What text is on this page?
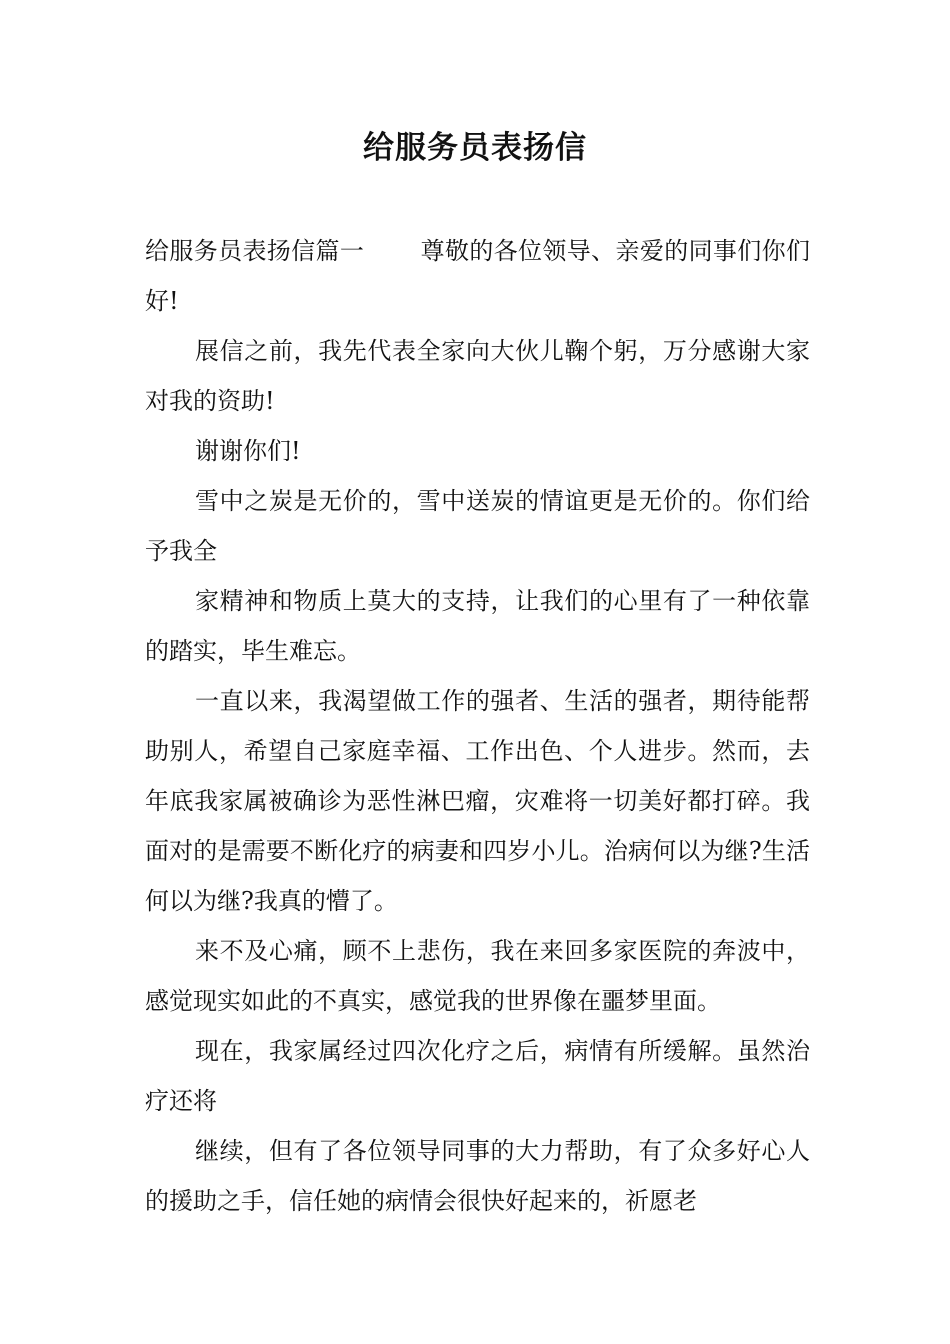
给服务员表扬信

给服务员表扬信篇一 尊敬的各位领导、亲爱的同事们你们好!

展信之前，我先代表全家向大伙儿鞠个躬，万分感谢大家对我的资助!

谢谢你们!

雪中之炭是无价的，雪中送炭的情谊更是无价的。你们给予我全

家精神和物质上莫大的支持，让我们的心里有了一种依靠的踏实，毕生难忘。

一直以来，我渴望做工作的强者、生活的强者，期待能帮助别人，希望自己家庭幸福、工作出色、个人进步。然而，去年底我家属被确诊为恶性淋巴瘤，灾难将一切美好都打碎。我面对的是需要不断化疗的病妻和四岁小儿。治病何以为继?生活何以为继?我真的懵了。

来不及心痛，顾不上悲伤，我在来回多家医院的奔波中，感觉现实如此的不真实，感觉我的世界像在噩梦里面。

现在，我家属经过四次化疗之后，病情有所缓解。虽然治疗还将

继续，但有了各位领导同事的大力帮助，有了众多好心人的援助之手，信任她的病情会很快好起来的，祈愿老
